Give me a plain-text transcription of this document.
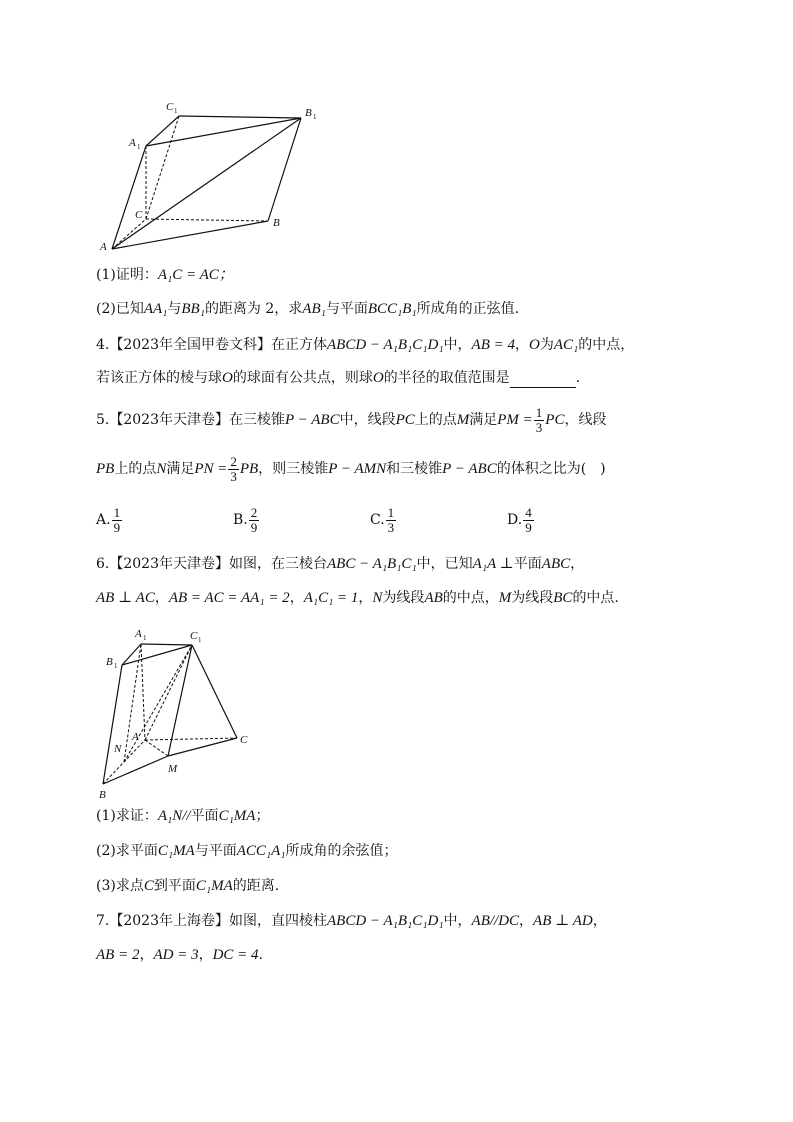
C 1	B 1
A 1
C
B
A
(1)证明：A₁C = AC；
(2)已知AA₁与BB₁的距离为 2，求AB₁与平面BCC₁B₁所成角的正弦值.
4.【2023年全国甲卷文科】在正方体ABCD − A₁B₁C₁D₁中，AB = 4，O为AC₁的中点，
若该正方体的棱与球O的球面有公共点，则球O的半径的取值范围是	.
5.【2023年天津卷】在三棱锥P − ABC中，线段PC上的点M满足PM = $\frac{1}{3}$ PC，线段
PB上的点N满足PN = $\frac{2}{3}$ PB，则三棱锥P − AMN和三棱锥P − ABC的体积之比为(　)
A. $\frac{1}{9}$	B. $\frac{2}{9}$	C. $\frac{1}{3}$	D. $\frac{4}{9}$
6.【2023年天津卷】如图，在三棱台ABC − A₁B₁C₁中，已知A₁A ⊥平面ABC，
AB ⊥ AC，AB = AC = AA₁ = 2，A₁C₁ = 1，N为线段AB的中点，M为线段BC的中点.
A 1	C 1
B 1
A
N
C
M
B
(1)求证：A₁N//平面C₁MA；
(2)求平面C₁MA与平面ACC₁A₁所成角的余弦值；
(3)求点C到平面C₁MA的距离.
7.【2023年上海卷】如图，直四棱柱ABCD − A₁B₁C₁D₁中，AB//DC，AB ⊥ AD，
AB = 2，AD = 3，DC = 4.
